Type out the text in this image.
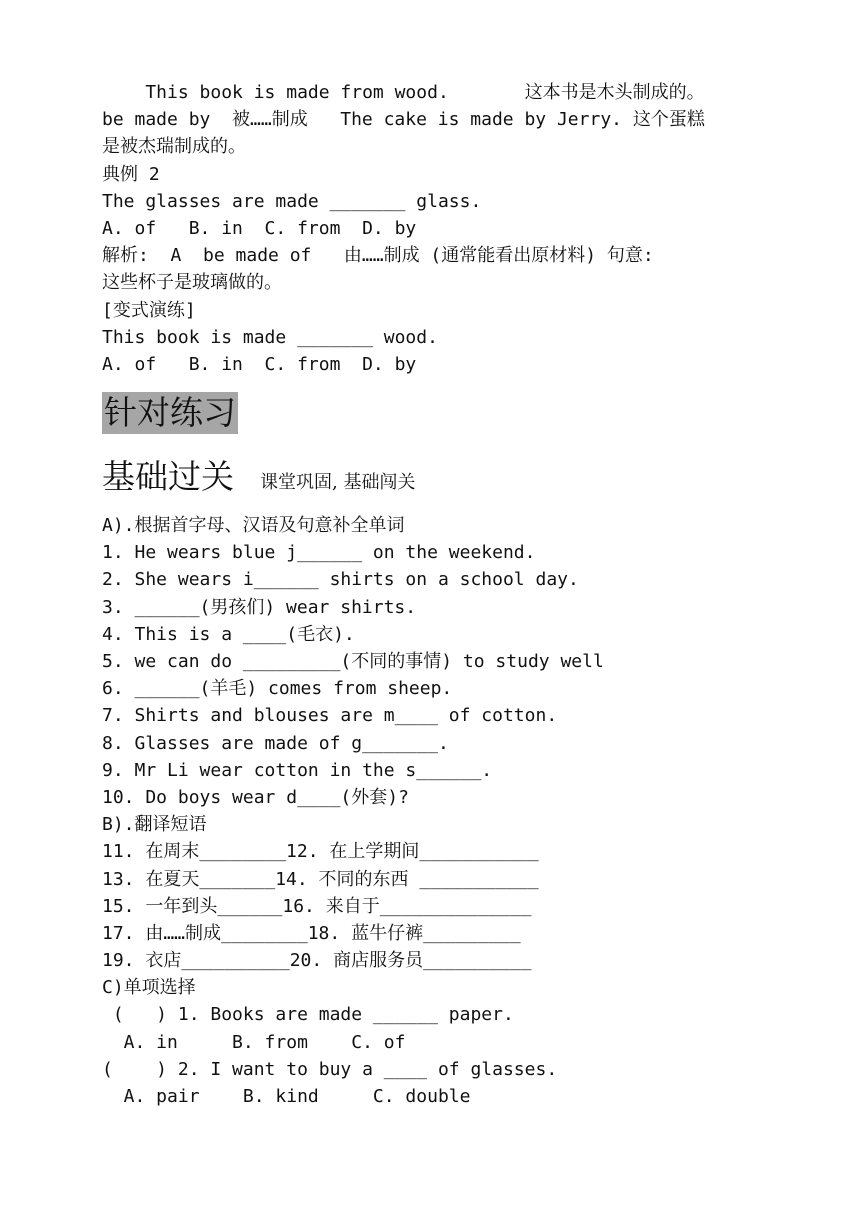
This book is made from wood.       这本书是木头制成的。
be made by  被……制成   The cake is made by Jerry. 这个蛋糕
是被杰瑞制成的。
典例 2
The glasses are made _______ glass.
A. of   B. in  C. from  D. by
解析:  A  be made of   由……制成 (通常能看出原材料) 句意:
这些杯子是玻璃做的。
[变式演练]
This book is made _______ wood.
A. of   B. in  C. from  D. by
针对练习
基础过关 课堂巩固, 基础闯关
A).根据首字母、汉语及句意补全单词
1. He wears blue j______ on the weekend.
2. She wears i______ shirts on a school day.
3. ______(男孩们) wear shirts.
4. This is a ____(毛衣).
5. we can do _________(不同的事情) to study well
6. ______(羊毛) comes from sheep.
7. Shirts and blouses are m____ of cotton.
8. Glasses are made of g_______.
9. Mr Li wear cotton in the s______.
10. Do boys wear d____(外套)?
B).翻译短语
11. 在周末________12. 在上学期间___________
13. 在夏天_______14. 不同的东西 ___________
15. 一年到头______16. 来自于______________
17. 由……制成________18. 蓝牛仔裤_________
19. 衣店__________20. 商店服务员__________
C)单项选择
(   ) 1. Books are made ______ paper.
A. in     B. from    C. of
(    ) 2. I want to buy a ____ of glasses.
A. pair    B. kind     C. double
